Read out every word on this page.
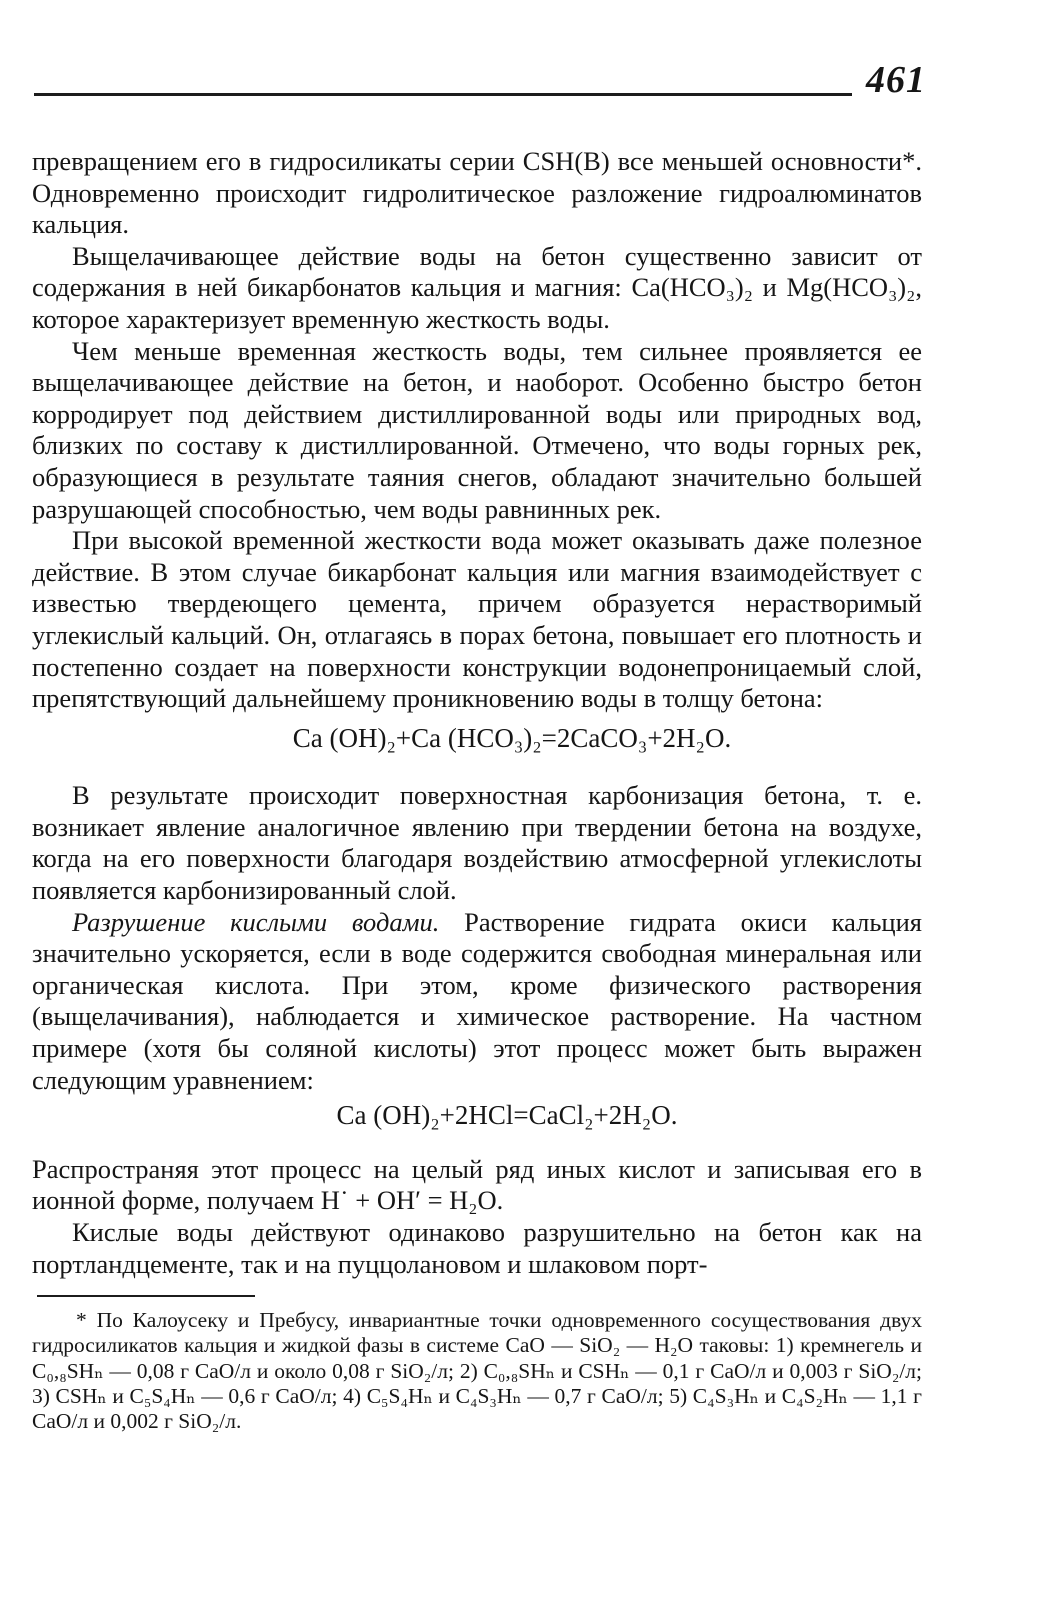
461

превращением его в гидросиликаты серии CSH(B) все меньшей основности*. Одновременно происходит гидролитическое разложение гидроалюминатов кальция.

Выщелачивающее действие воды на бетон существенно зависит от содержания в ней бикарбонатов кальция и магния: Ca(HCO₃)₂ и Mg(HCO₃)₂, которое характеризует временную жесткость воды.

Чем меньше временная жесткость воды, тем сильнее проявляется ее выщелачивающее действие на бетон, и наоборот. Особенно быстро бетон корродирует под действием дистиллированной воды или природных вод, близких по составу к дистиллированной. Отмечено, что воды горных рек, образующиеся в результате таяния снегов, обладают значительно большей разрушающей способностью, чем воды равнинных рек.

При высокой временной жесткости вода может оказывать даже полезное действие. В этом случае бикарбонат кальция или магния взаимодействует с известью твердеющего цемента, причем образуется нерастворимый углекислый кальций. Он, отлагаясь в порах бетона, повышает его плотность и постепенно создает на поверхности конструкции водонепроницаемый слой, препятствующий дальнейшему проникновению воды в толщу бетона:

Ca (OH)₂+Ca (HCO₃)₂=2CaCO₃+2H₂O.

В результате происходит поверхностная карбонизация бетона, т. е. возникает явление аналогичное явлению при твердении бетона на воздухе, когда на его поверхности благодаря воздействию атмосферной углекислоты появляется карбонизированный слой.

Разрушение кислыми водами. Растворение гидрата окиси кальция значительно ускоряется, если в воде содержится свободная минеральная или органическая кислота. При этом, кроме физического растворения (выщелачивания), наблюдается и химическое растворение. На частном примере (хотя бы соляной кислоты) этот процесс может быть выражен следующим уравнением:

Ca (OH)₂+2HCl=CaCl₂+2H₂O.

Распространяя этот процесс на целый ряд иных кислот и записывая его в ионной форме, получаем H˙ + OH′ = H₂O.

Кислые воды действуют одинаково разрушительно на бетон как на портландцементе, так и на пуццолановом и шлаковом порт-

* По Калоусеку и Пребусу, инвариантные точки одновременного сосуществования двух гидросиликатов кальция и жидкой фазы в системе CaO — SiO₂ — H₂O таковы: 1) кремнегель и C₀,₈SHₙ — 0,08 г CaO/л и около 0,08 г SiO₂/л; 2) C₀,₈SHₙ и CSHₙ — 0,1 г CaO/л и 0,003 г SiO₂/л; 3) CSHₙ и C₅S₄Hₙ — 0,6 г CaO/л; 4) C₅S₄Hₙ и C₄S₃Hₙ — 0,7 г CaO/л; 5) C₄S₃Hₙ и C₄S₂Hₙ — 1,1 г CaO/л и 0,002 г SiO₂/л.
